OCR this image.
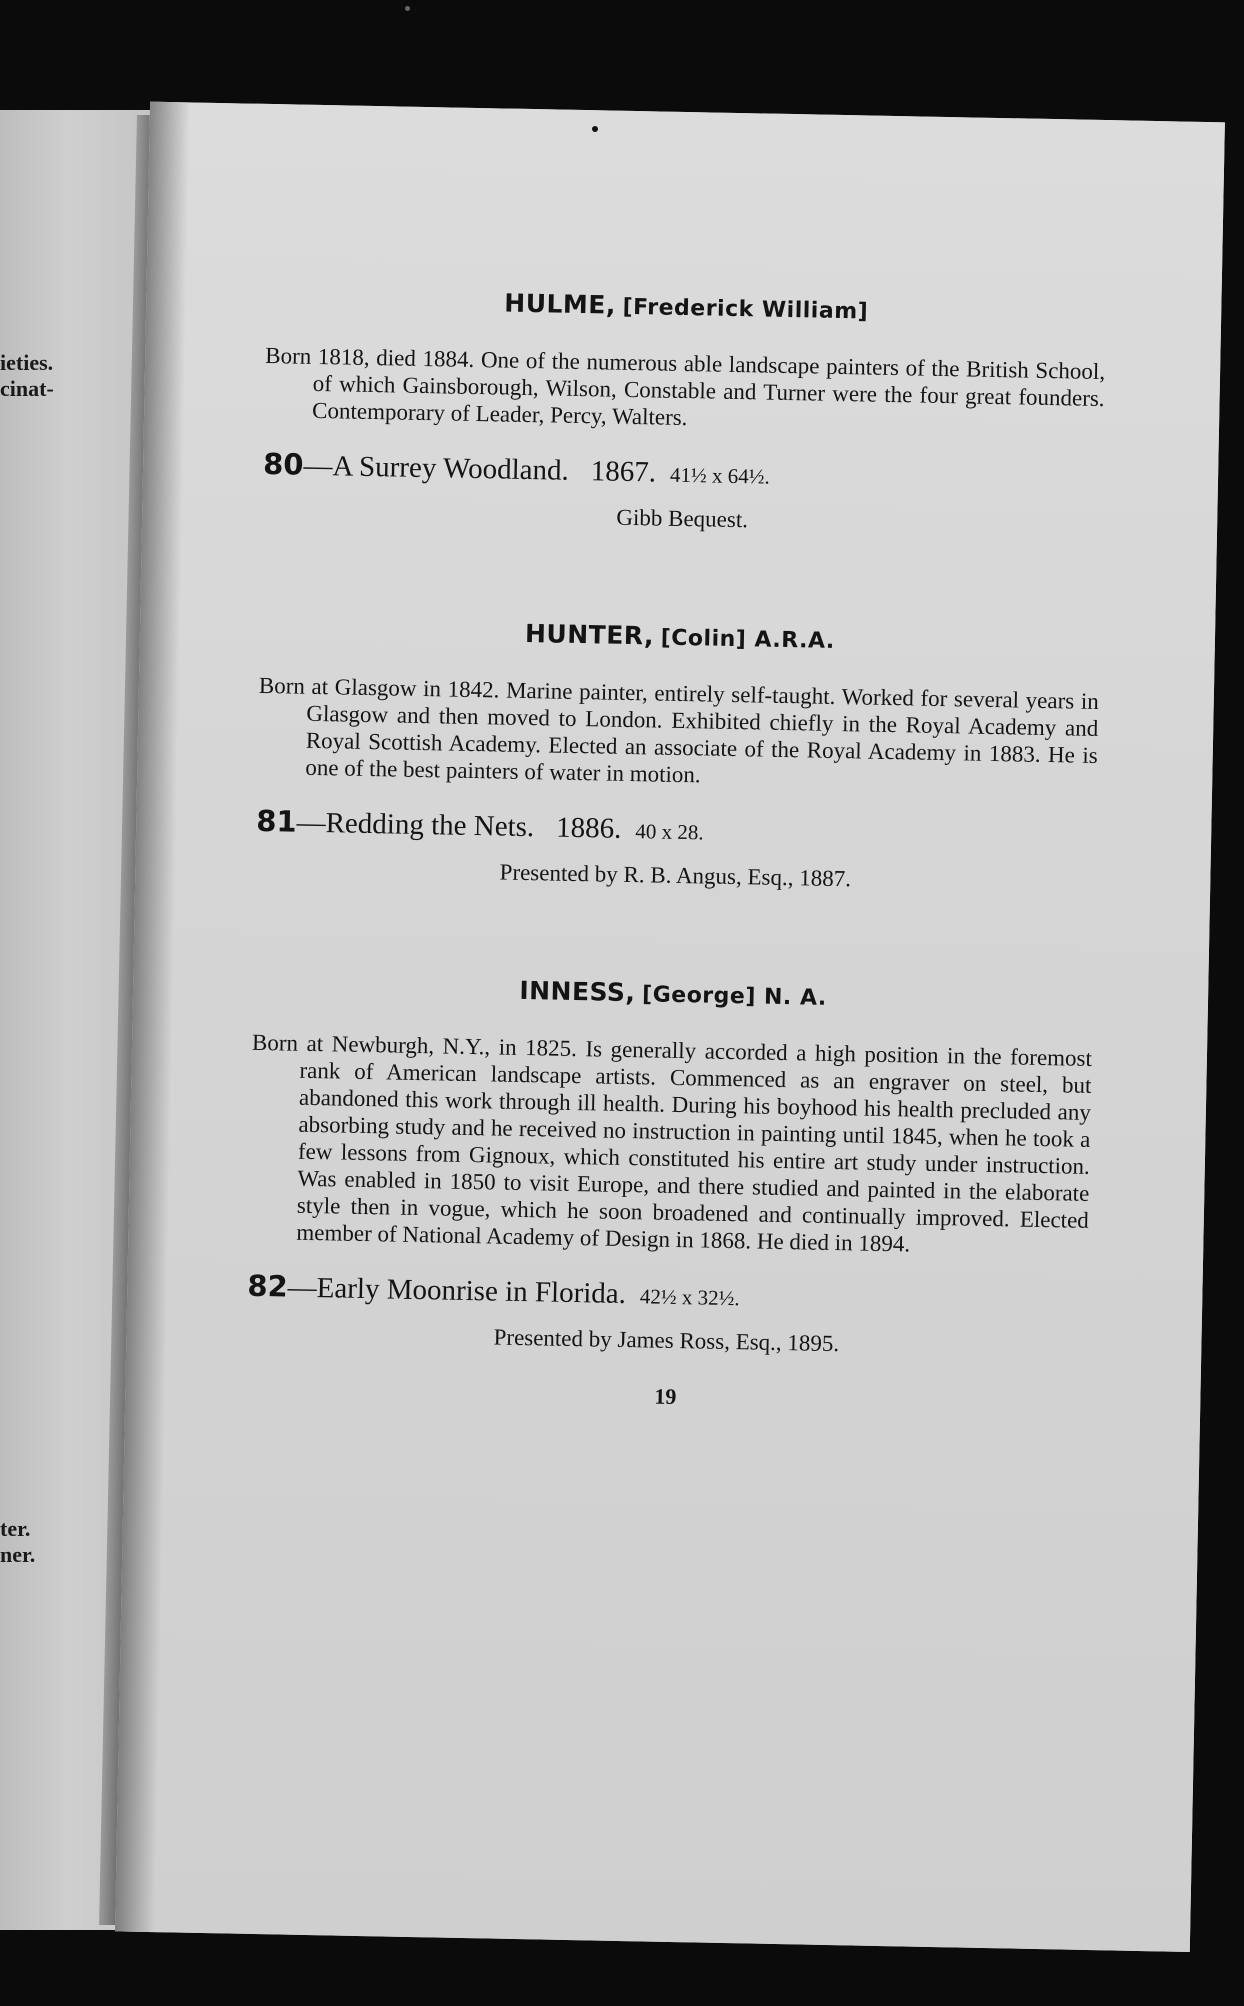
ieties.
cinat-
ter.
ner.
HULME, [Frederick William]

Born 1818, died 1884. One of the numerous able landscape painters of the British School, of which Gainsborough, Wilson, Constable and Turner were the four great founders. Contemporary of Leader, Percy, Walters.

80—A Surrey Woodland. 1867. 41½ x 64½.
Gibb Bequest.
HUNTER, [Colin] A.R.A.

Born at Glasgow in 1842. Marine painter, entirely self-taught. Worked for several years in Glasgow and then moved to London. Exhibited chiefly in the Royal Academy and Royal Scottish Academy. Elected an associate of the Royal Academy in 1883. He is one of the best painters of water in motion.

81—Redding the Nets. 1886. 40 x 28.
Presented by R. B. Angus, Esq., 1887.
INNESS, [George] N. A.

Born at Newburgh, N.Y., in 1825. Is generally accorded a high position in the foremost rank of American landscape artists. Commenced as an engraver on steel, but abandoned this work through ill health. During his boyhood his health precluded any absorbing study and he received no instruction in painting until 1845, when he took a few lessons from Gignoux, which constituted his entire art study under instruction. Was enabled in 1850 to visit Europe, and there studied and painted in the elaborate style then in vogue, which he soon broadened and continually improved. Elected member of National Academy of Design in 1868. He died in 1894.

82—Early Moonrise in Florida. 42½ x 32½.
Presented by James Ross, Esq., 1895.
19
